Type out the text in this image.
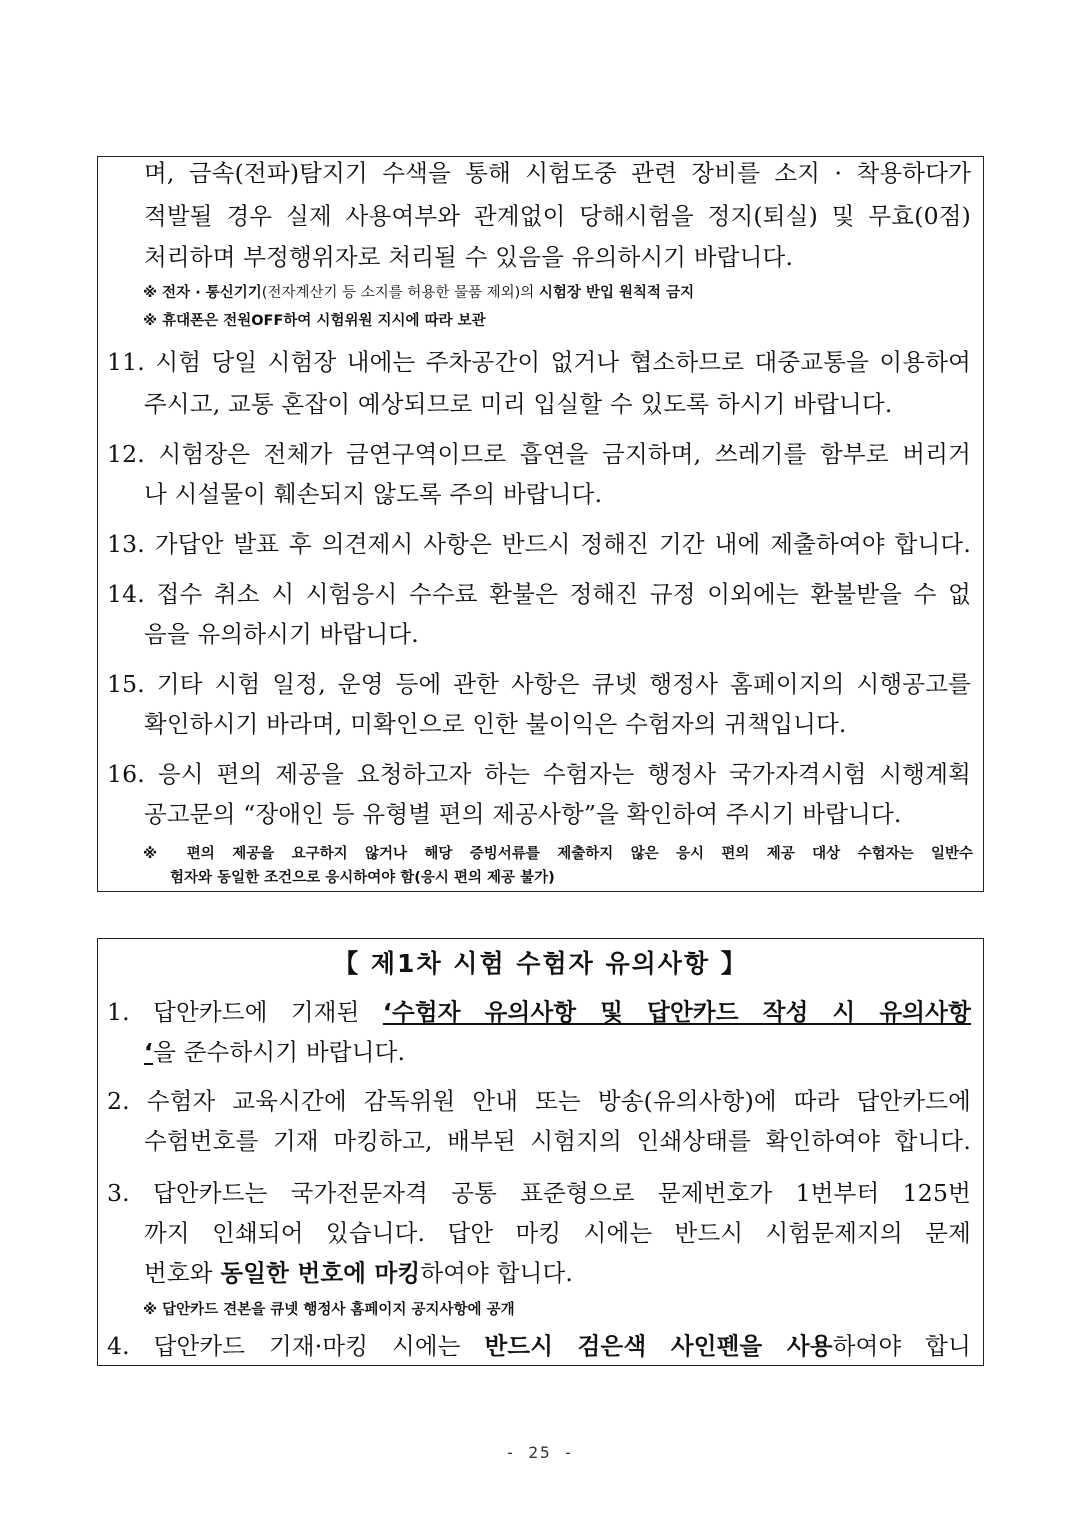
며, 금속(전파)탐지기 수색을 통해 시험도중 관련 장비를 소지 · 착용하다가
적발될 경우 실제 사용여부와 관계없이 당해시험을 정지(퇴실) 및 무효(0점)
처리하며 부정행위자로 처리될 수 있음을 유의하시기 바랍니다.
※ 전자 · 통신기기(전자계산기 등 소지를 허용한 물품 제외)의 시험장 반입 원칙적 금지
※ 휴대폰은 전원OFF하여 시험위원 지시에 따라 보관
11. 시험 당일 시험장 내에는 주차공간이 없거나 협소하므로 대중교통을 이용하여
주시고, 교통 혼잡이 예상되므로 미리 입실할 수 있도록 하시기 바랍니다.
12. 시험장은 전체가 금연구역이므로 흡연을 금지하며, 쓰레기를 함부로 버리거
나 시설물이 훼손되지 않도록 주의 바랍니다.
13. 가답안 발표 후 의견제시 사항은 반드시 정해진 기간 내에 제출하여야 합니다.
14. 접수 취소 시 시험응시 수수료 환불은 정해진 규정 이외에는 환불받을 수 없
음을 유의하시기 바랍니다.
15. 기타 시험 일정, 운영 등에 관한 사항은 큐넷 행정사 홈페이지의 시행공고를
확인하시기 바라며, 미확인으로 인한 불이익은 수험자의 귀책입니다.
16. 응시 편의 제공을 요청하고자 하는 수험자는 행정사 국가자격시험 시행계획
공고문의 “장애인 등 유형별 편의 제공사항”을 확인하여 주시기 바랍니다.
※ 편의 제공을 요구하지 않거나 해당 증빙서류를 제출하지 않은 응시 편의 제공 대상 수험자는 일반수
험자와 동일한 조건으로 응시하여야 함(응시 편의 제공 불가)
【 제1차 시험 수험자 유의사항 】
1. 답안카드에 기재된 ‘수험자 유의사항 및 답안카드 작성 시 유의사항
‘을 준수하시기 바랍니다.
2. 수험자 교육시간에 감독위원 안내 또는 방송(유의사항)에 따라 답안카드에
수험번호를 기재 마킹하고, 배부된 시험지의 인쇄상태를 확인하여야 합니다.
3. 답안카드는 국가전문자격 공통 표준형으로 문제번호가 1번부터 125번
까지 인쇄되어 있습니다. 답안 마킹 시에는 반드시 시험문제지의 문제
번호와 동일한 번호에 마킹하여야 합니다.
※ 답안카드 견본을 큐넷 행정사 홈페이지 공지사항에 공개
4. 답안카드 기재·마킹 시에는 반드시 검은색 사인펜을 사용하여야 합니
- 25 -
